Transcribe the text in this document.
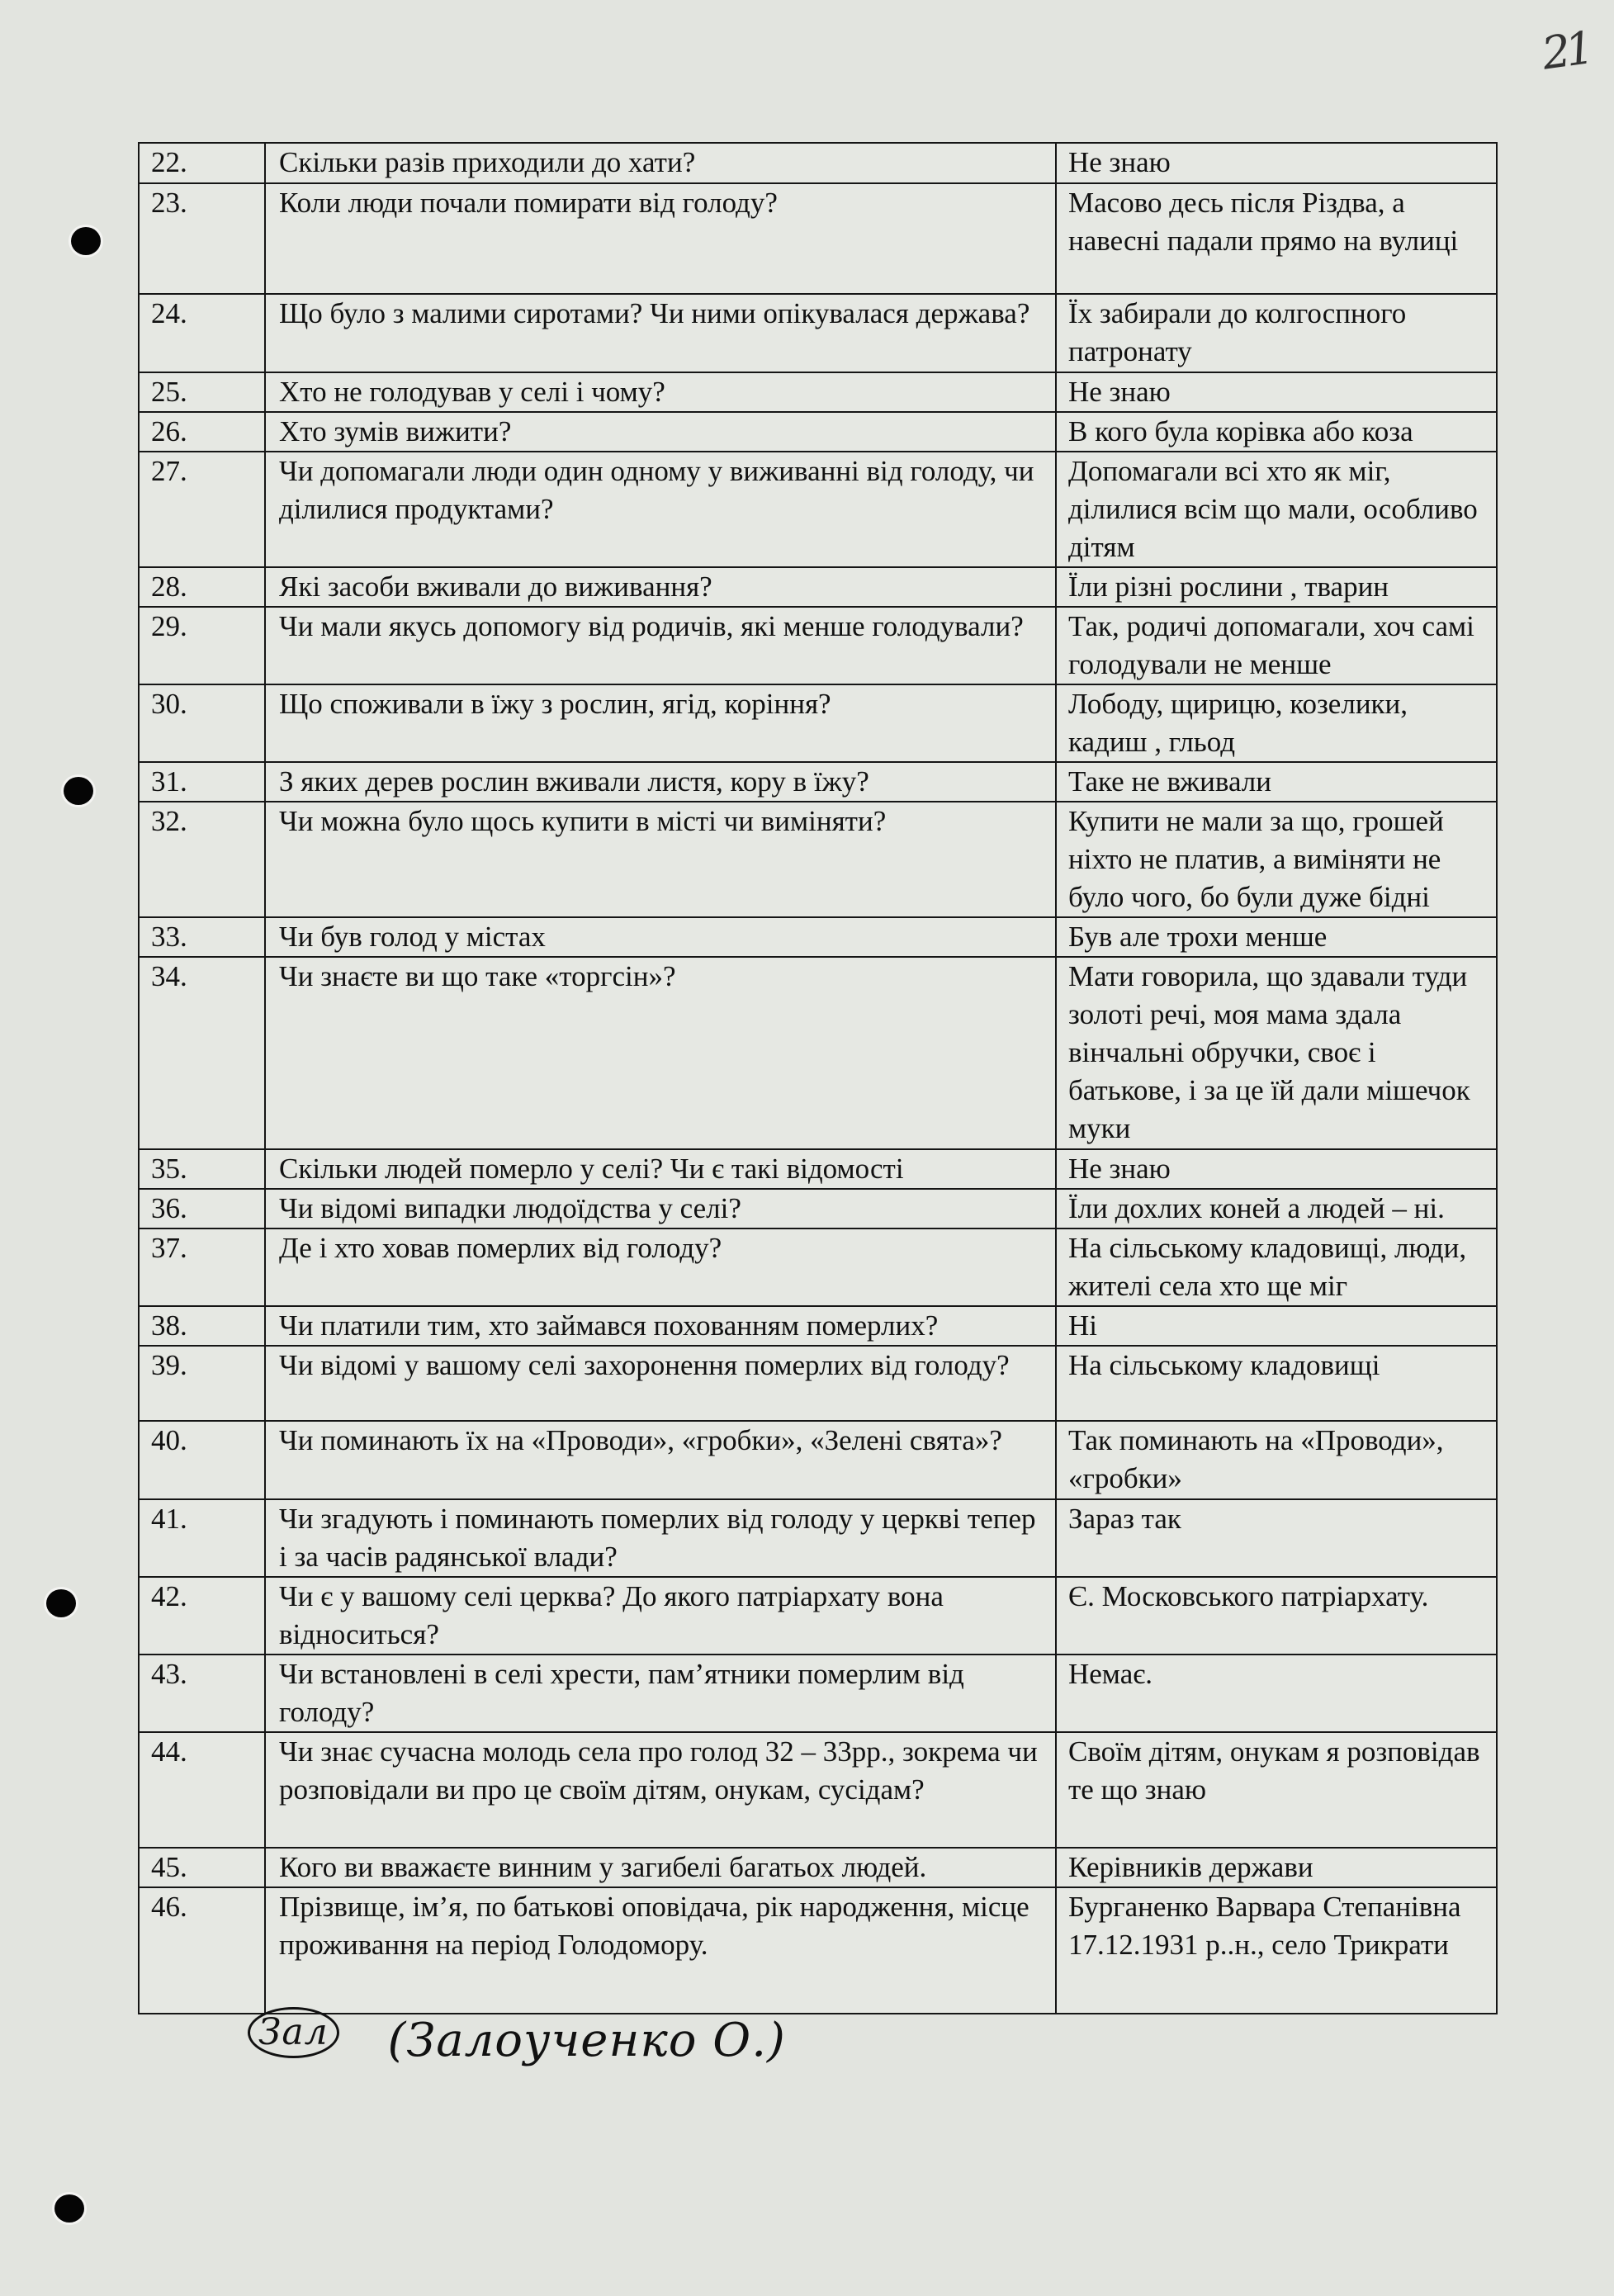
21
22.	Скільки разів приходили до хати?	Не знаю
23.	Коли люди почали помирати від голоду?	Масово десь після Різдва, а навесні падали прямо на вулиці
24.	Що було з малими сиротами? Чи ними опікувалася держава?	Їх забирали до колгоспного патронату
25.	Хто не голодував у селі і чому?	Не знаю
26.	Хто зумів вижити?	В кого була корівка або коза
27.	Чи допомагали люди один одному у виживанні від голоду, чи ділилися продуктами?	Допомагали всі хто як міг, ділилися всім що мали, особливо дітям
28.	Які засоби вживали до виживання?	Їли різні рослини , тварин
29.	Чи мали якусь допомогу від родичів, які менше голодували?	Так, родичі допомагали, хоч самі голодували не менше
30.	Що споживали в їжу з рослин, ягід, коріння?	Лободу, щирицю, козелики, кадиш , гльод
31.	З яких дерев рослин вживали листя, кору в їжу?	Таке не вживали
32.	Чи можна було щось купити в місті чи виміняти?	Купити не мали за що, грошей ніхто не платив, а виміняти не було чого, бо були дуже бідні
33.	Чи був голод у містах	Був але трохи менше
34.	Чи знаєте ви що таке «торгсін»?	Мати говорила, що здавали туди золоті речі, моя мама здала вінчальні обручки, своє і батькове, і за це їй дали мішечок муки
35.	Скільки людей померло у селі? Чи є такі відомості	Не знаю
36.	Чи відомі випадки людоїдства у селі?	Їли дохлих коней а людей – ні.
37.	Де і хто ховав померлих від голоду?	На сільському кладовищі, люди, жителі села хто ще міг
38.	Чи платили тим, хто займався похованням померлих?	Ні
39.	Чи відомі у вашому селі захоронення померлих від голоду?	На сільському кладовищі
40.	Чи поминають їх на «Проводи», «гробки», «Зелені свята»?	Так поминають на «Проводи», «гробки»
41.	Чи згадують і поминають померлих від голоду у церкві тепер і за часів радянської влади?	Зараз так
42.	Чи є у вашому селі церква? До якого патріархату вона відноситься?	Є. Московського патріархату.
43.	Чи встановлені в селі хрести, пам’ятники померлим від голоду?	Немає.
44.	Чи знає сучасна молодь села про голод 32 – 33рр., зокрема чи розповідали ви про це своїм дітям, онукам, сусідам?	Своїм дітям, онукам я розповідав те що знаю
45.	Кого ви вважаєте винним у загибелі багатьох людей.	Керівників держави
46.	Прізвище, ім’я, по батькові оповідача, рік народження, місце проживання на період Голодомору.	Бурганенко Варвара Степанівна 17.12.1931 р..н., село Трикрати
Зал (Залоученко О.)
